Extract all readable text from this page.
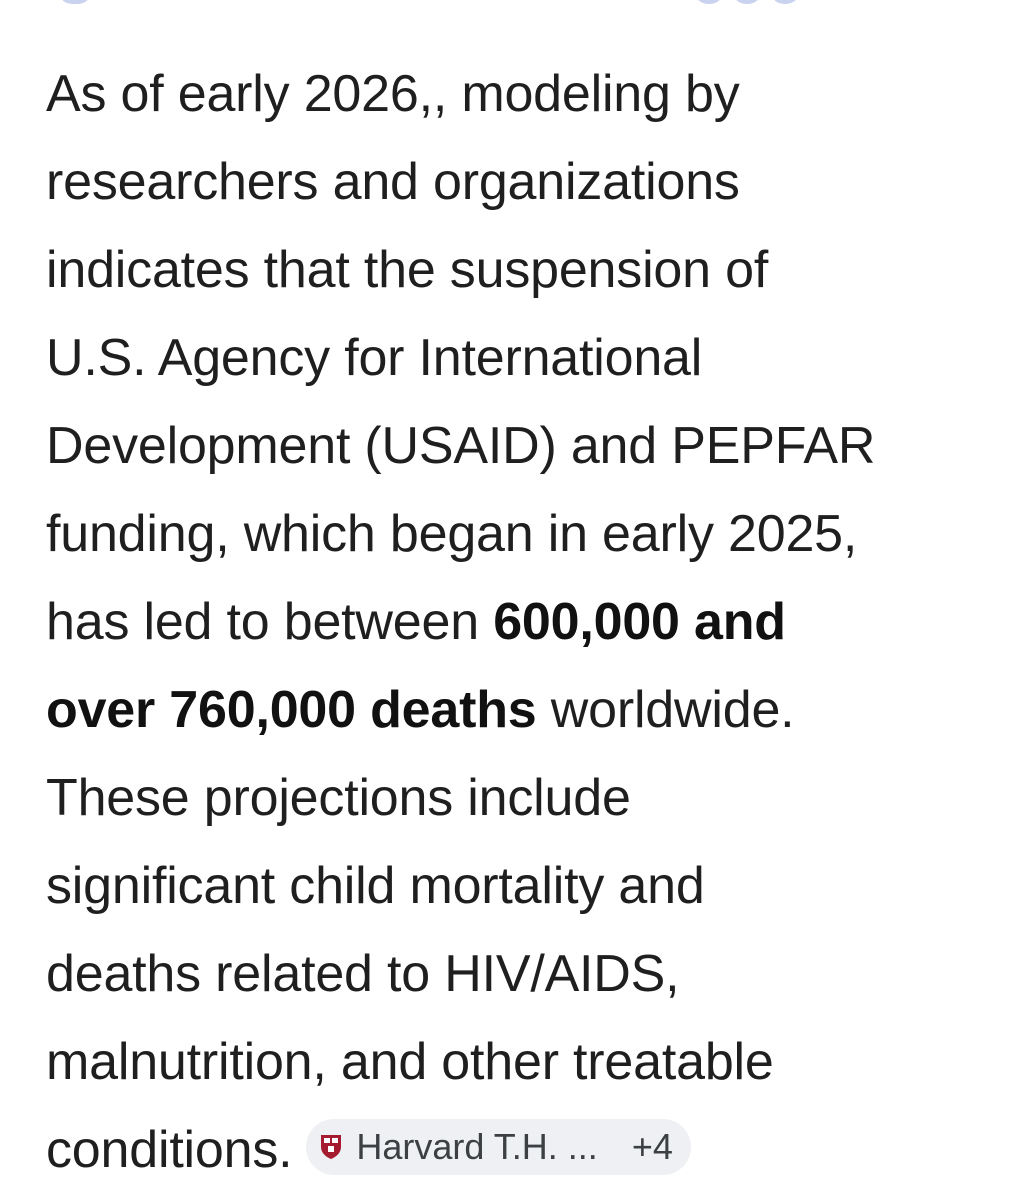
As of early 2026,, modeling by
researchers and organizations
indicates that the suspension of
U.S. Agency for International
Development (USAID) and PEPFAR
funding, which began in early 2025,
has led to between 600,000 and
over 760,000 deaths worldwide.
These projections include
significant child mortality and
deaths related to HIV/AIDS,
malnutrition, and other treatable
conditions. Harvard T.H. ... +4
